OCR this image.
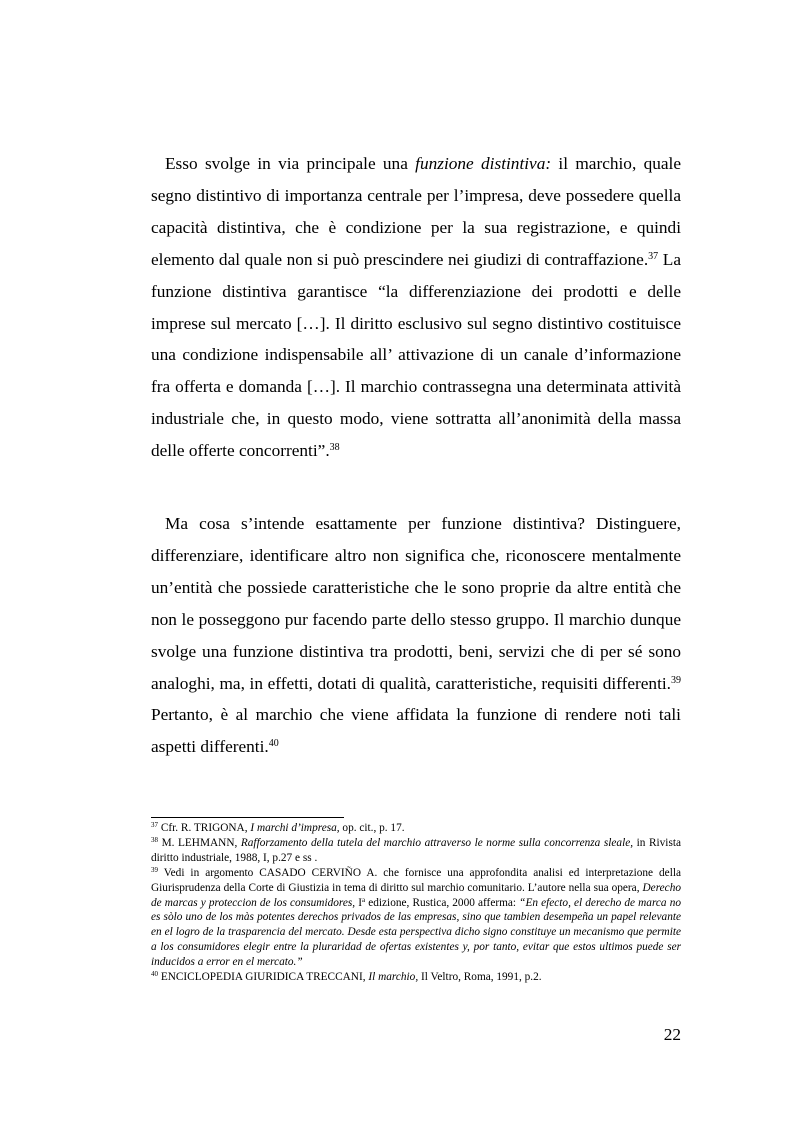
Esso svolge in via principale una funzione distintiva: il marchio, quale segno distintivo di importanza centrale per l’impresa, deve possedere quella capacità distintiva, che è condizione per la sua registrazione, e quindi elemento dal quale non si può prescindere nei giudizi di contraffazione.$^{37}$ La funzione distintiva garantisce “la differenziazione dei prodotti e delle imprese sul mercato […]. Il diritto esclusivo sul segno distintivo costituisce una condizione indispensabile all’ attivazione di un canale d’informazione fra offerta e domanda […]. Il marchio contrassegna una determinata attività industriale che, in questo modo, viene sottratta all’anonimità della massa delle offerte concorrenti”.$^{38}$

Ma cosa s’intende esattamente per funzione distintiva? Distinguere, differenziare, identificare altro non significa che, riconoscere mentalmente un’entità che possiede caratteristiche che le sono proprie da altre entità che non le posseggono pur facendo parte dello stesso gruppo. Il marchio dunque svolge una funzione distintiva tra prodotti, beni, servizi che di per sé sono analoghi, ma, in effetti, dotati di qualità, caratteristiche, requisiti differenti.$^{39}$ Pertanto, è al marchio che viene affidata la funzione di rendere noti tali aspetti differenti.$^{40}$

$^{37}$ Cfr. R. TRIGONA, I marchi d’impresa, op. cit., p. 17.

$^{38}$ M. LEHMANN, Rafforzamento della tutela del marchio attraverso le norme sulla concorrenza sleale, in Rivista diritto industriale, 1988, I, p.27 e ss .

$^{39}$ Vedi in argomento CASADO CERVIÑO A. che fornisce una approfondita analisi ed interpretazione della Giurisprudenza della Corte di Giustizia in tema di diritto sul marchio comunitario. L’autore nella sua opera, Derecho de marcas y proteccion de los consumidores, $I^a$ edizione, Rustica, 2000 afferma: “En efecto, el derecho de marca no es sòlo uno de los màs potentes derechos privados de las empresas, sino que tambien desempeña un papel relevante en el logro de la trasparencia del mercato. Desde esta perspectiva dicho signo constituye un mecanismo que permite a los consumidores elegir entre la pluraridad de ofertas existentes y, por tanto, evitar que estos ultimos puede ser inducidos a error en el mercato.”

$^{40}$ ENCICLOPEDIA GIURIDICA TRECCANI, Il marchio, Il Veltro, Roma, 1991, p.2.

22
